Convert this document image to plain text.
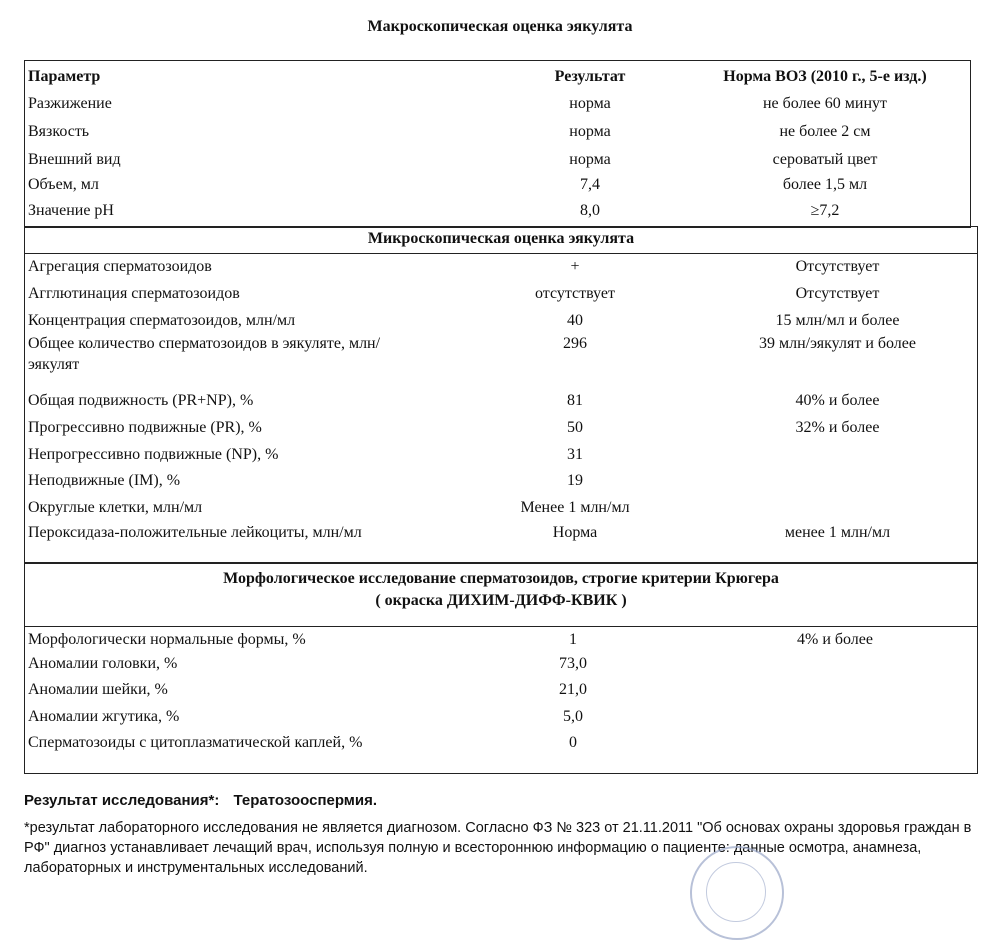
Макроскопическая оценка эякулята
Параметр	Результат	Норма ВОЗ (2010 г., 5-е изд.)
Разжижение	норма	не более 60 минут
Вязкость	норма	не более 2 см
Внешний вид	норма	сероватый цвет
Объем, мл	7,4	более 1,5 мл
Значение рН	8,0	≥7,2
Микроскопическая оценка эякулята
Агрегация сперматозоидов	+	Отсутствует
Агглютинация сперматозоидов	отсутствует	Отсутствует
Концентрация сперматозоидов, млн/мл	40	15 млн/мл и более
Общее количество сперматозоидов в эякуляте, млн/	296	39 млн/эякулят и более
эякулят
Общая подвижность (PR+NP), %	81	40% и более
Прогрессивно подвижные (PR), %	50	32% и более
Непрогрессивно подвижные (NP), %	31
Неподвижные (IM), %	19
Округлые клетки, млн/мл	Менее 1 млн/мл
Пероксидаза-положительные лейкоциты, млн/мл	Норма	менее 1 млн/мл
Морфологическое исследование сперматозоидов, строгие критерии Крюгера
( окраска ДИХИМ-ДИФФ-КВИК )
Морфологически нормальные формы, %	1	4% и более
Аномалии головки, %	73,0
Аномалии шейки, %	21,0
Аномалии жгутика, %	5,0
Сперматозоиды с цитоплазматической каплей, %	0
Результат исследования*: Тератозооспермия.
*результат лабораторного исследования не является диагнозом. Согласно ФЗ № 323 от 21.11.2011 "Об основах охраны здоровья граждан в РФ" диагноз устанавливает лечащий врач, используя полную и всестороннюю информацию о пациенте: данные осмотра, анамнеза, лабораторных и инструментальных исследований.
